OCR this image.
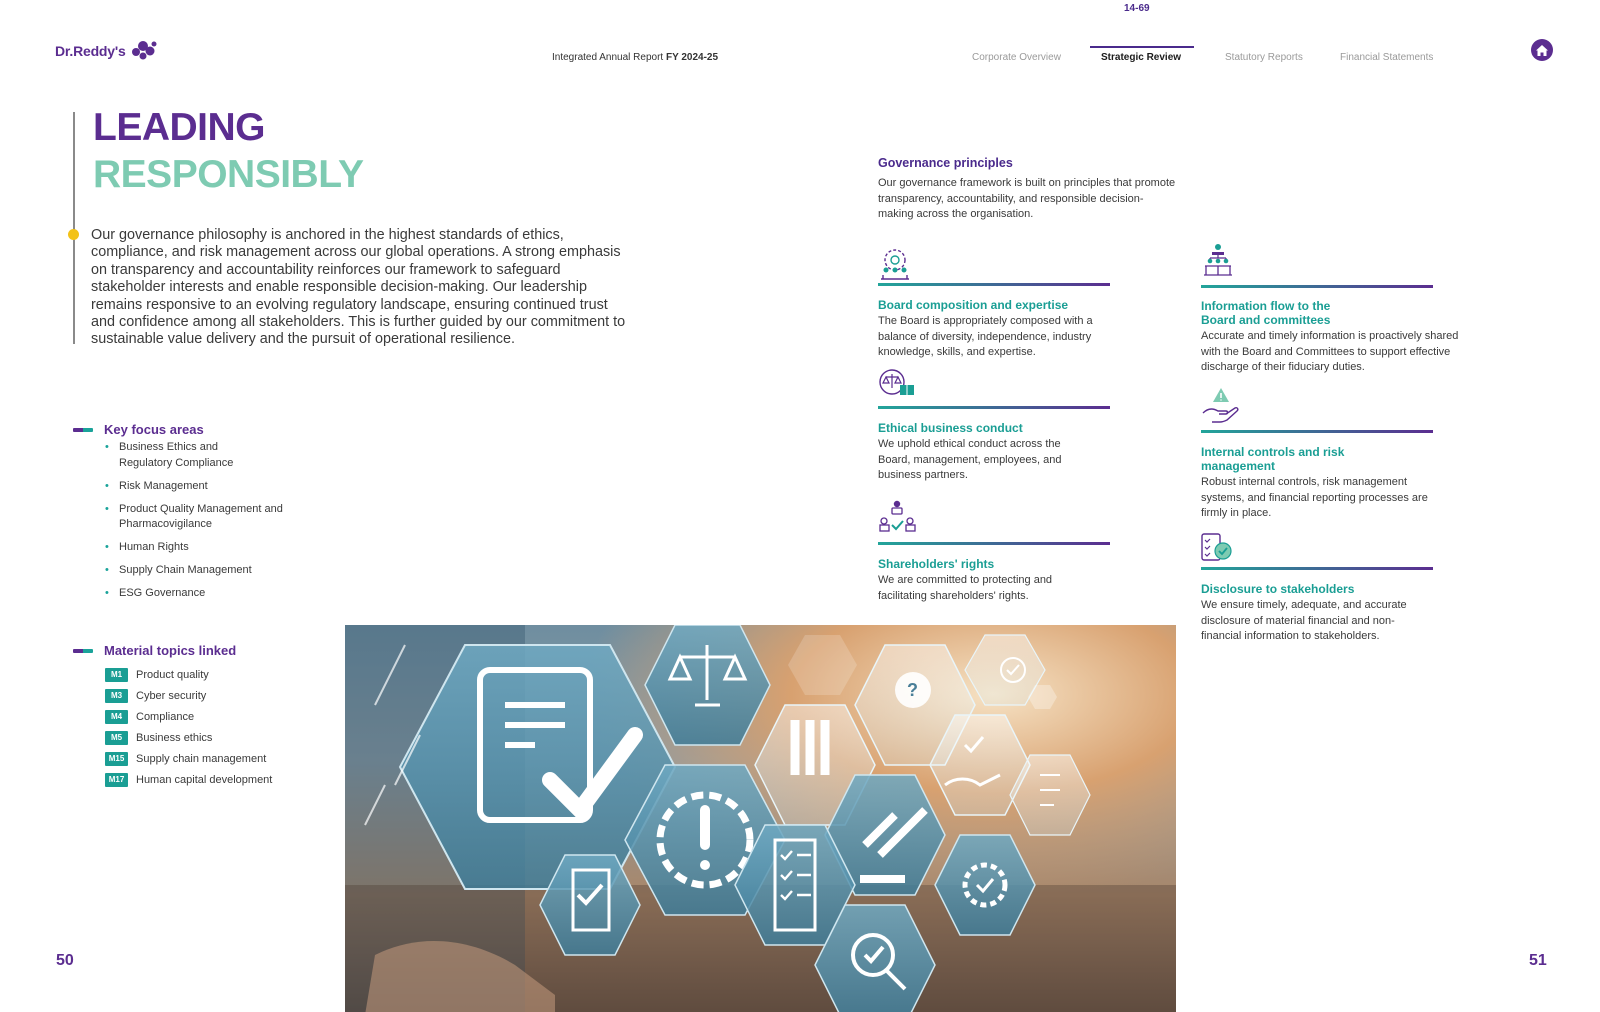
Dr.Reddy's	Integrated Annual Report FY 2024-25
14-69
Corporate Overview	Strategic Review	Statutory Reports	Financial Statements
LEADING
RESPONSIBLY

Our governance philosophy is anchored in the highest standards of ethics, compliance, and risk management across our global operations. A strong emphasis on transparency and accountability reinforces our framework to safeguard stakeholder interests and enable responsible decision-making. Our leadership remains responsive to an evolving regulatory landscape, ensuring continued trust and confidence among all stakeholders. This is further guided by our commitment to sustainable value delivery and the pursuit of operational resilience.

Key focus areas
• Business Ethics and Regulatory Compliance
• Risk Management
• Product Quality Management and Pharmacovigilance
• Human Rights
• Supply Chain Management
• ESG Governance
Material topics linked
M1	Product quality
M3	Cyber security
M4	Compliance
M5	Business ethics
M15	Supply chain management
M17	Human capital development
50	51
Governance principles

Our governance framework is built on principles that promote transparency, accountability, and responsible decision-making across the organisation.

Board composition and expertise

The Board is appropriately composed with a balance of diversity, independence, industry knowledge, skills, and expertise.

Ethical business conduct

We uphold ethical conduct across the Board, management, employees, and business partners.

Shareholders' rights

We are committed to protecting and facilitating shareholders' rights.

Information flow to the Board and committees

Accurate and timely information is proactively shared with the Board and Committees to support effective discharge of their fiduciary duties.

Internal controls and risk management

Robust internal controls, risk management systems, and financial reporting processes are firmly in place.

Disclosure to stakeholders

We ensure timely, adequate, and accurate disclosure of material financial and non-financial information to stakeholders.

?
